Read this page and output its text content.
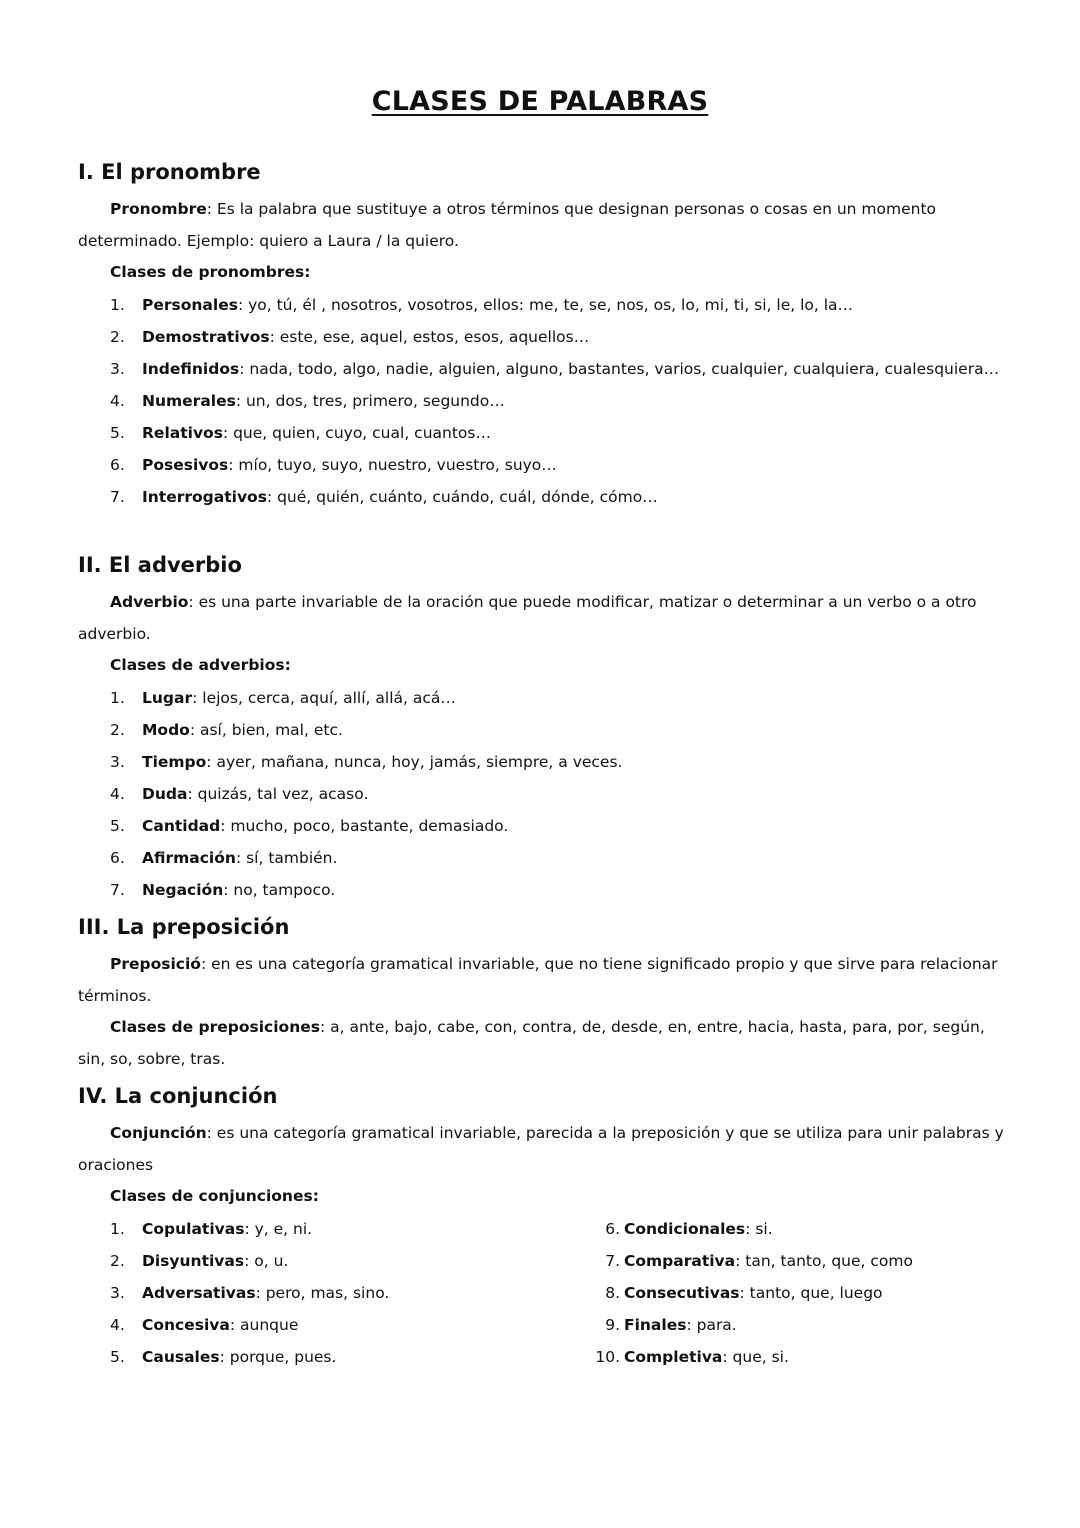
CLASES DE PALABRAS
I. El pronombre

Pronombre: Es la palabra que sustituye a otros términos que designan personas o cosas en un momento determinado. Ejemplo: quiero a Laura / la quiero.

Clases de pronombres:

1. Personales: yo, tú, él , nosotros, vosotros, ellos: me, te, se, nos, os, lo, mi, ti, si, le, lo, la…
2. Demostrativos: este, ese, aquel, estos, esos, aquellos…
3. Indefinidos: nada, todo, algo, nadie, alguien, alguno, bastantes, varios, cualquier, cualquiera, cualesquiera…
4. Numerales: un, dos, tres, primero, segundo…
5. Relativos: que, quien, cuyo, cual, cuantos…
6. Posesivos: mío, tuyo, suyo, nuestro, vuestro, suyo…
7. Interrogativos: qué, quién, cuánto, cuándo, cuál, dónde, cómo…
II. El adverbio

Adverbio: es una parte invariable de la oración que puede modificar, matizar o determinar a un verbo o a otro adverbio.

Clases de adverbios:

1. Lugar: lejos, cerca, aquí, allí, allá, acá…
2. Modo: así, bien, mal, etc.
3. Tiempo: ayer, mañana, nunca, hoy, jamás, siempre, a veces.
4. Duda: quizás, tal vez, acaso.
5. Cantidad: mucho, poco, bastante, demasiado.
6. Afirmación: sí, también.
7. Negación: no, tampoco.
III. La preposición

Preposició: en es una categoría gramatical invariable, que no tiene significado propio y que sirve para relacionar términos.

Clases de preposiciones: a, ante, bajo, cabe, con, contra, de, desde, en, entre, hacia, hasta, para, por, según, sin, so, sobre, tras.

IV. La conjunción

Conjunción: es una categoría gramatical invariable, parecida a la preposición y que se utiliza para unir palabras y oraciones

Clases de conjunciones:

1. Copulativas: y, e, ni.
2. Disyuntivas: o, u.
3. Adversativas: pero, mas, sino.
4. Concesiva: aunque
5. Causales: porque, pues.
6. Condicionales: si.
7. Comparativa: tan, tanto, que, como
8. Consecutivas: tanto, que, luego
9. Finales: para.
10. Completiva: que, si.
